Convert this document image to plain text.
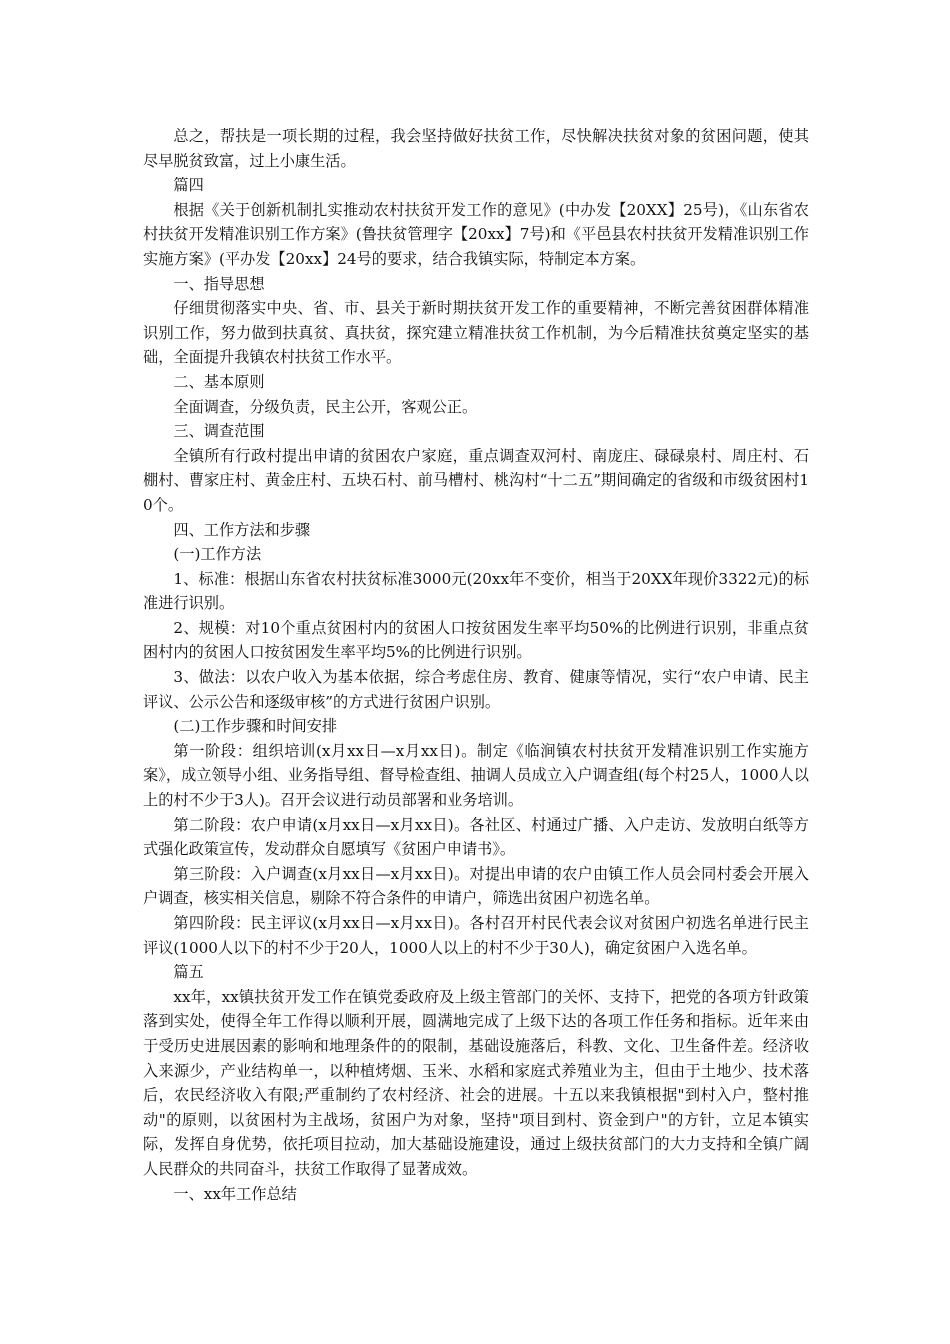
总之，帮扶是一项长期的过程，我会坚持做好扶贫工作，尽快解决扶贫对象的贫困问题，使其尽早脱贫致富，过上小康生活。

篇四

根据《关于创新机制扎实推动农村扶贫开发工作的意见》(中办发【20XX】25号)，《山东省农村扶贫开发精准识别工作方案》(鲁扶贫管理字【20xx】7号)和《平邑县农村扶贫开发精准识别工作实施方案》(平办发【20xx】24号的要求，结合我镇实际，特制定本方案。

一、指导思想

仔细贯彻落实中央、省、市、县关于新时期扶贫开发工作的重要精神，不断完善贫困群体精准识别工作，努力做到扶真贫、真扶贫，探究建立精准扶贫工作机制，为今后精准扶贫奠定坚实的基础，全面提升我镇农村扶贫工作水平。

二、基本原则

全面调查，分级负责，民主公开，客观公正。

三、调查范围

全镇所有行政村提出申请的贫困农户家庭，重点调查双河村、南庞庄、碌碌泉村、周庄村、石棚村、曹家庄村、黄金庄村、五块石村、前马槽村、桃沟村“十二五”期间确定的省级和市级贫困村10个。

四、工作方法和步骤

(一)工作方法

1、标准：根据山东省农村扶贫标准3000元(20xx年不变价，相当于20XX年现价3322元)的标准进行识别。

2、规模：对10个重点贫困村内的贫困人口按贫困发生率平均50%的比例进行识别，非重点贫困村内的贫困人口按贫困发生率平均5%的比例进行识别。

3、做法：以农户收入为基本依据，综合考虑住房、教育、健康等情况，实行“农户申请、民主评议、公示公告和逐级审核”的方式进行贫困户识别。

(二)工作步骤和时间安排

第一阶段：组织培训(x月xx日—x月xx日)。制定《临涧镇农村扶贫开发精准识别工作实施方案》，成立领导小组、业务指导组、督导检查组、抽调人员成立入户调查组(每个村25人，1000人以上的村不少于3人)。召开会议进行动员部署和业务培训。

第二阶段：农户申请(x月xx日—x月xx日)。各社区、村通过广播、入户走访、发放明白纸等方式强化政策宣传，发动群众自愿填写《贫困户申请书》。

第三阶段：入户调查(x月xx日—x月xx日)。对提出申请的农户由镇工作人员会同村委会开展入户调查，核实相关信息，剔除不符合条件的申请户，筛选出贫困户初选名单。

第四阶段：民主评议(x月xx日—x月xx日)。各村召开村民代表会议对贫困户初选名单进行民主评议(1000人以下的村不少于20人，1000人以上的村不少于30人)，确定贫困户入选名单。

篇五

xx年，xx镇扶贫开发工作在镇党委政府及上级主管部门的关怀、支持下，把党的各项方针政策落到实处，使得全年工作得以顺利开展，圆满地完成了上级下达的各项工作任务和指标。近年来由于受历史进展因素的影响和地理条件的的限制，基础设施落后，科教、文化、卫生备件差。经济收入来源少，产业结构单一，以种植烤烟、玉米、水稻和家庭式养殖业为主，但由于土地少、技术落后，农民经济收入有限;严重制约了农村经济、社会的进展。十五以来我镇根据"到村入户，整村推动"的原则，以贫困村为主战场，贫困户为对象，坚持"项目到村、资金到户"的方针，立足本镇实际，发挥自身优势，依托项目拉动，加大基础设施建设，通过上级扶贫部门的大力支持和全镇广阔人民群众的共同奋斗，扶贫工作取得了显著成效。

一、xx年工作总结
